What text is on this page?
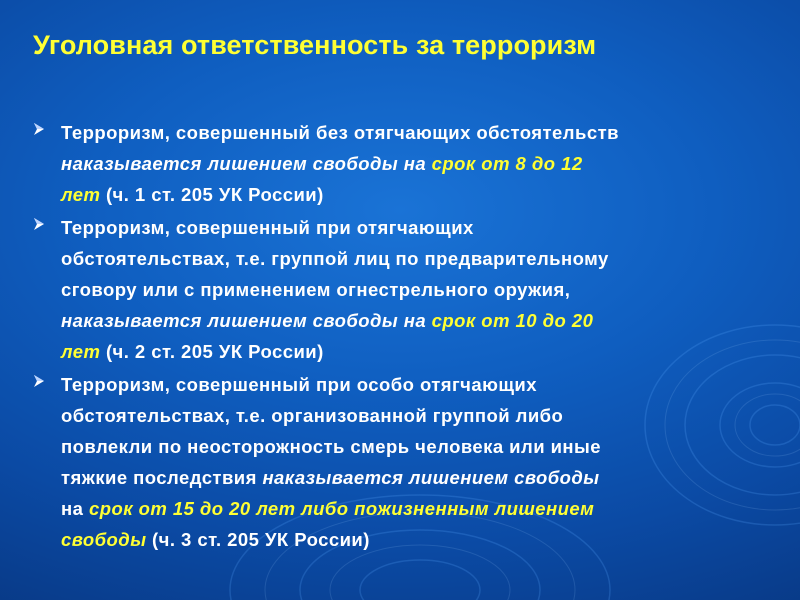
Уголовная ответственность за терроризм
Терроризм, совершенный без отягчающих обстоятельств
наказывается лишением свободы на срок от 8 до 12
лет (ч. 1 ст. 205 УК России)
Терроризм, совершенный при отягчающих
обстоятельствах, т.е. группой лиц по предварительному
сговору или с применением огнестрельного оружия,
наказывается лишением свободы на срок от 10 до 20
лет (ч. 2 ст. 205 УК России)
Терроризм, совершенный при особо отягчающих
обстоятельствах, т.е. организованной группой либо
повлекли по неосторожность смерь человека или иные
тяжкие последствия наказывается лишением свободы
на срок от 15 до 20 лет либо пожизненным лишением
свободы (ч. 3 ст. 205 УК России)
